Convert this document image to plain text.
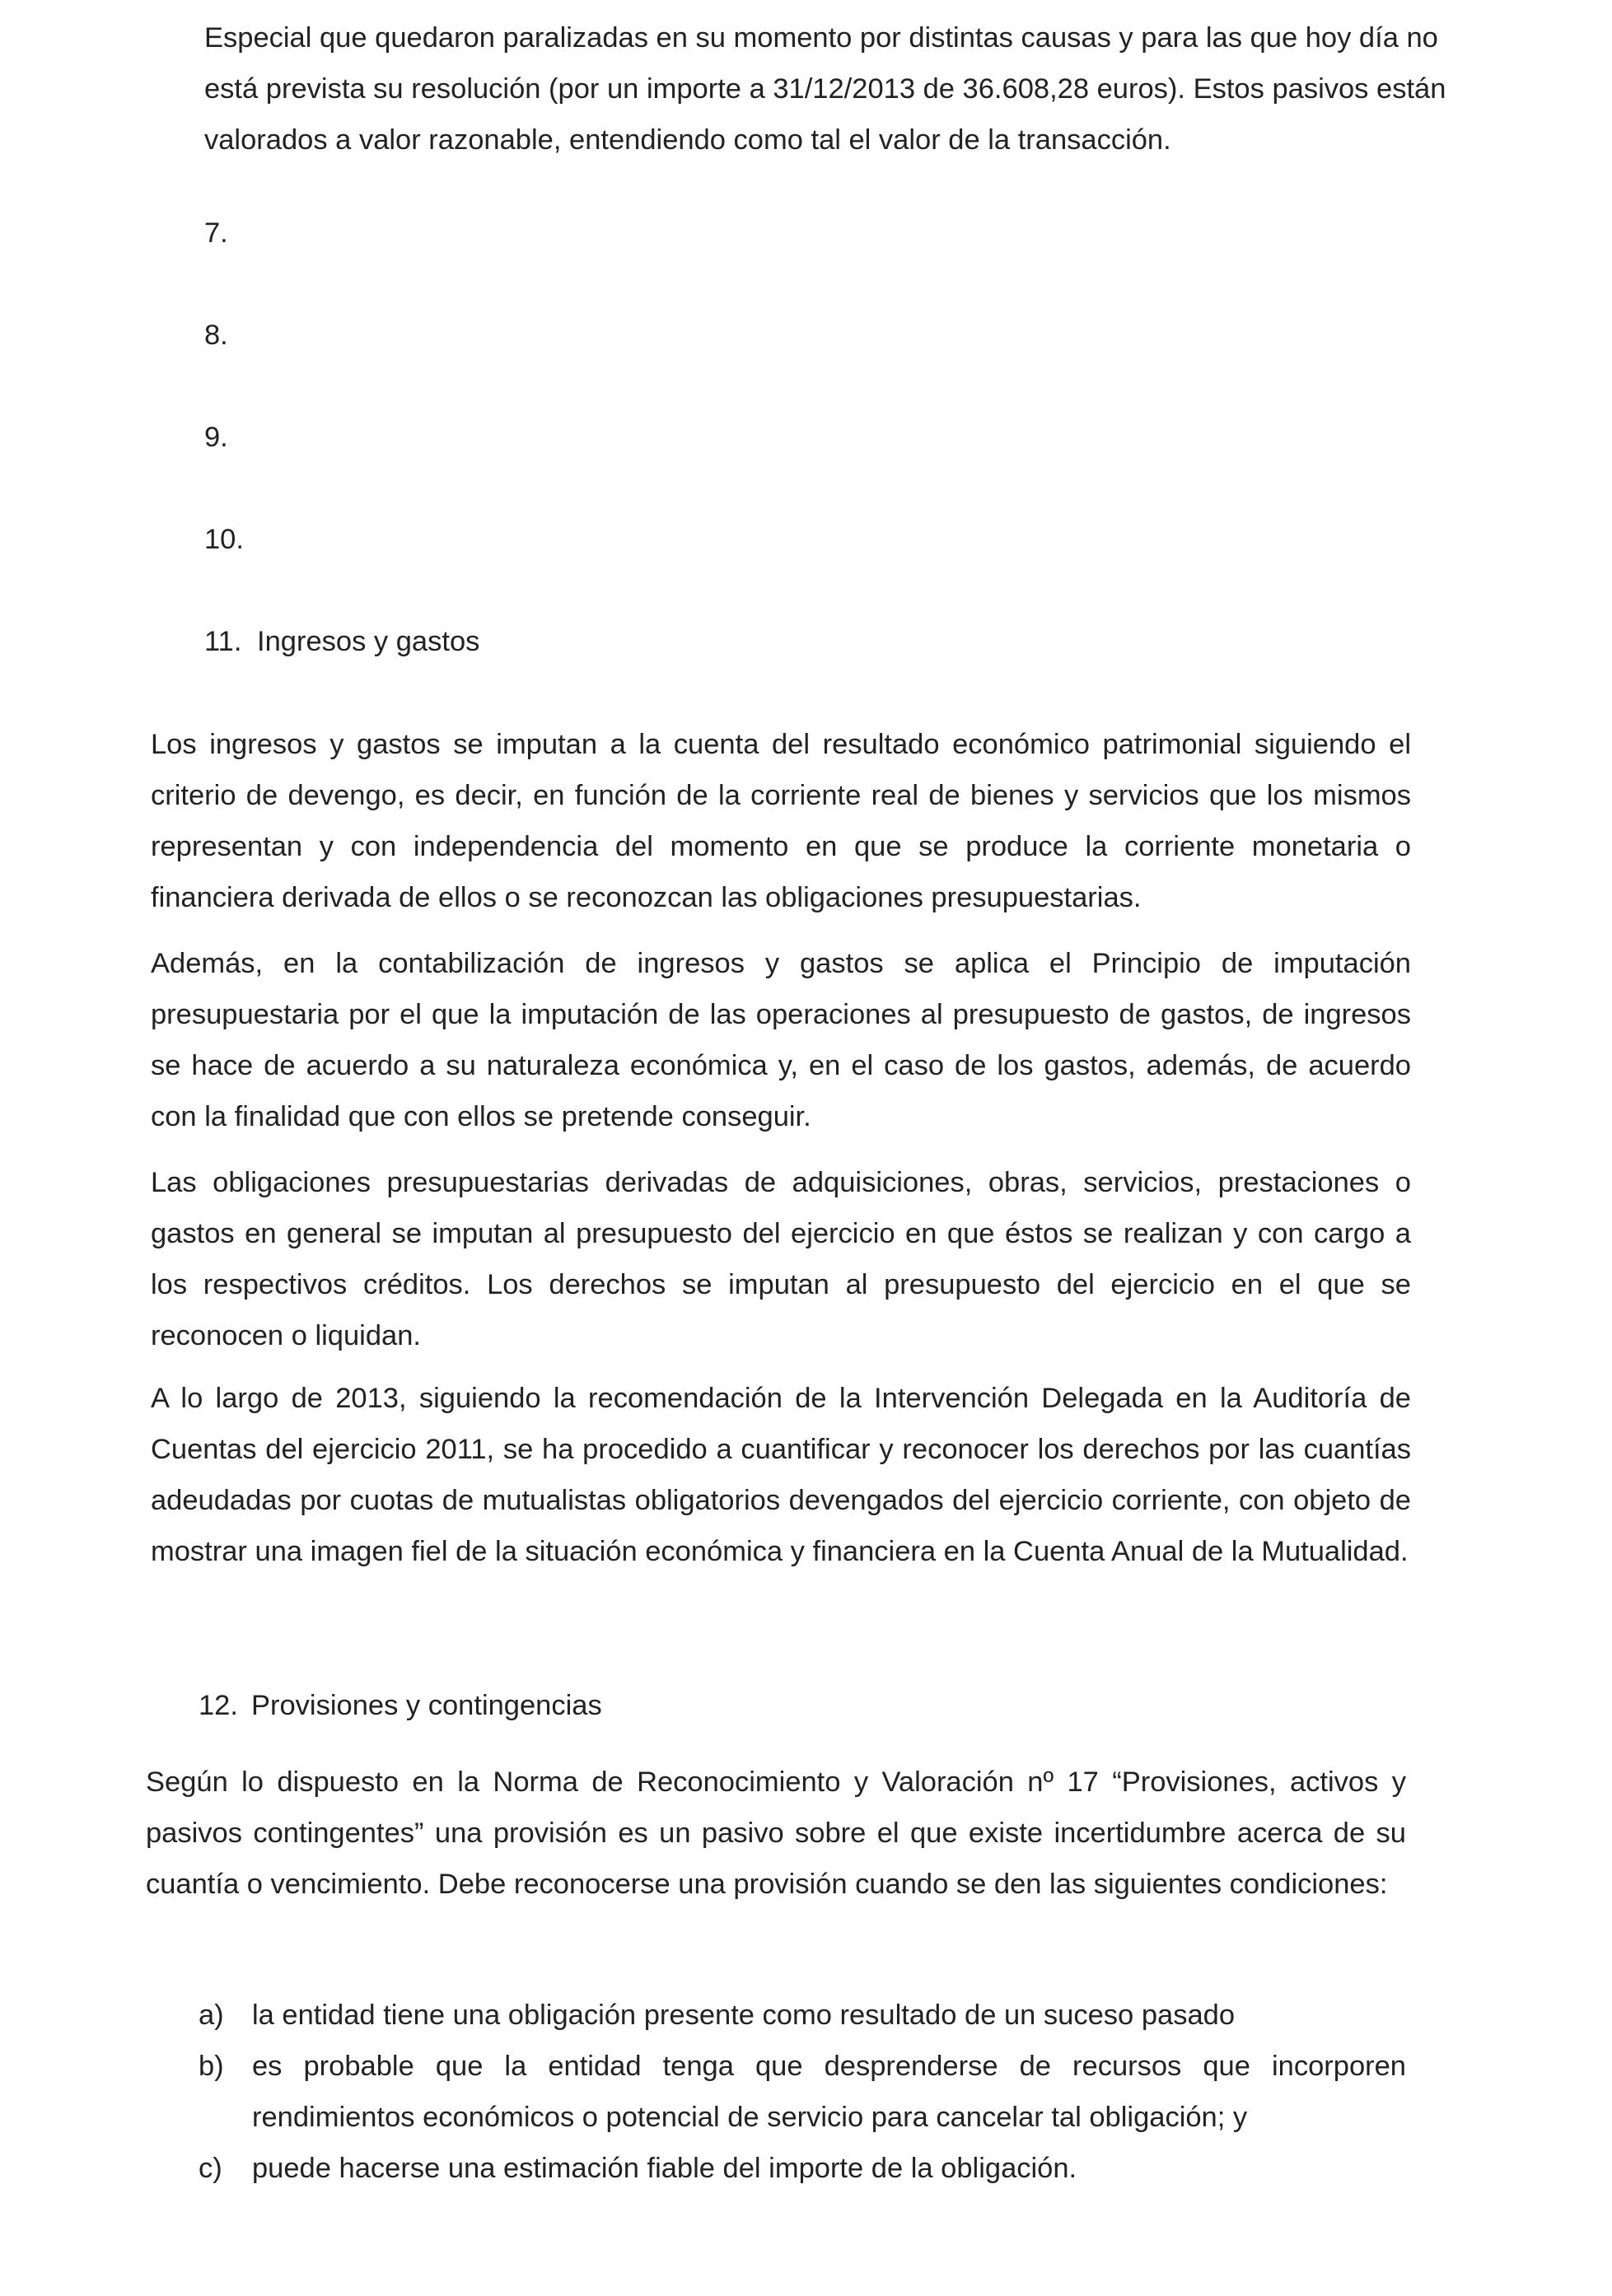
Especial que quedaron paralizadas en su momento por distintas causas y para las que hoy día no está prevista su resolución (por un importe a 31/12/2013 de 36.608,28 euros). Estos pasivos están valorados a valor razonable, entendiendo como tal el valor de la transacción.

7.
8.
9.
10.
11. Ingresos y gastos

Los ingresos y gastos se imputan a la cuenta del resultado económico patrimonial siguiendo el criterio de devengo, es decir, en función de la corriente real de bienes y servicios que los mismos representan y con independencia del momento en que se produce la corriente monetaria o financiera derivada de ellos o se reconozcan las obligaciones presupuestarias.

Además, en la contabilización de ingresos y gastos se aplica el Principio de imputación presupuestaria por el que la imputación de las operaciones al presupuesto de gastos, de ingresos se hace de acuerdo a su naturaleza económica y, en el caso de los gastos, además, de acuerdo con la finalidad que con ellos se pretende conseguir.

Las obligaciones presupuestarias derivadas de adquisiciones, obras, servicios, prestaciones o gastos en general se imputan al presupuesto del ejercicio en que éstos se realizan y con cargo a los respectivos créditos. Los derechos se imputan al presupuesto del ejercicio en el que se reconocen o liquidan.

A lo largo de 2013, siguiendo la recomendación de la Intervención Delegada en la Auditoría de Cuentas del ejercicio 2011, se ha procedido a cuantificar y reconocer los derechos por las cuantías adeudadas por cuotas de mutualistas obligatorios devengados del ejercicio corriente, con objeto de mostrar una imagen fiel de la situación económica y financiera en la Cuenta Anual de la Mutualidad.

12. Provisiones y contingencias

Según lo dispuesto en la Norma de Reconocimiento y Valoración nº 17 “Provisiones, activos y pasivos contingentes” una provisión es un pasivo sobre el que existe incertidumbre acerca de su cuantía o vencimiento. Debe reconocerse una provisión cuando se den las siguientes condiciones:

a) la entidad tiene una obligación presente como resultado de un suceso pasado
b) es probable que la entidad tenga que desprenderse de recursos que incorporen rendimientos económicos o potencial de servicio para cancelar tal obligación; y
c)	puede hacerse una estimación fiable del importe de la obligación.
